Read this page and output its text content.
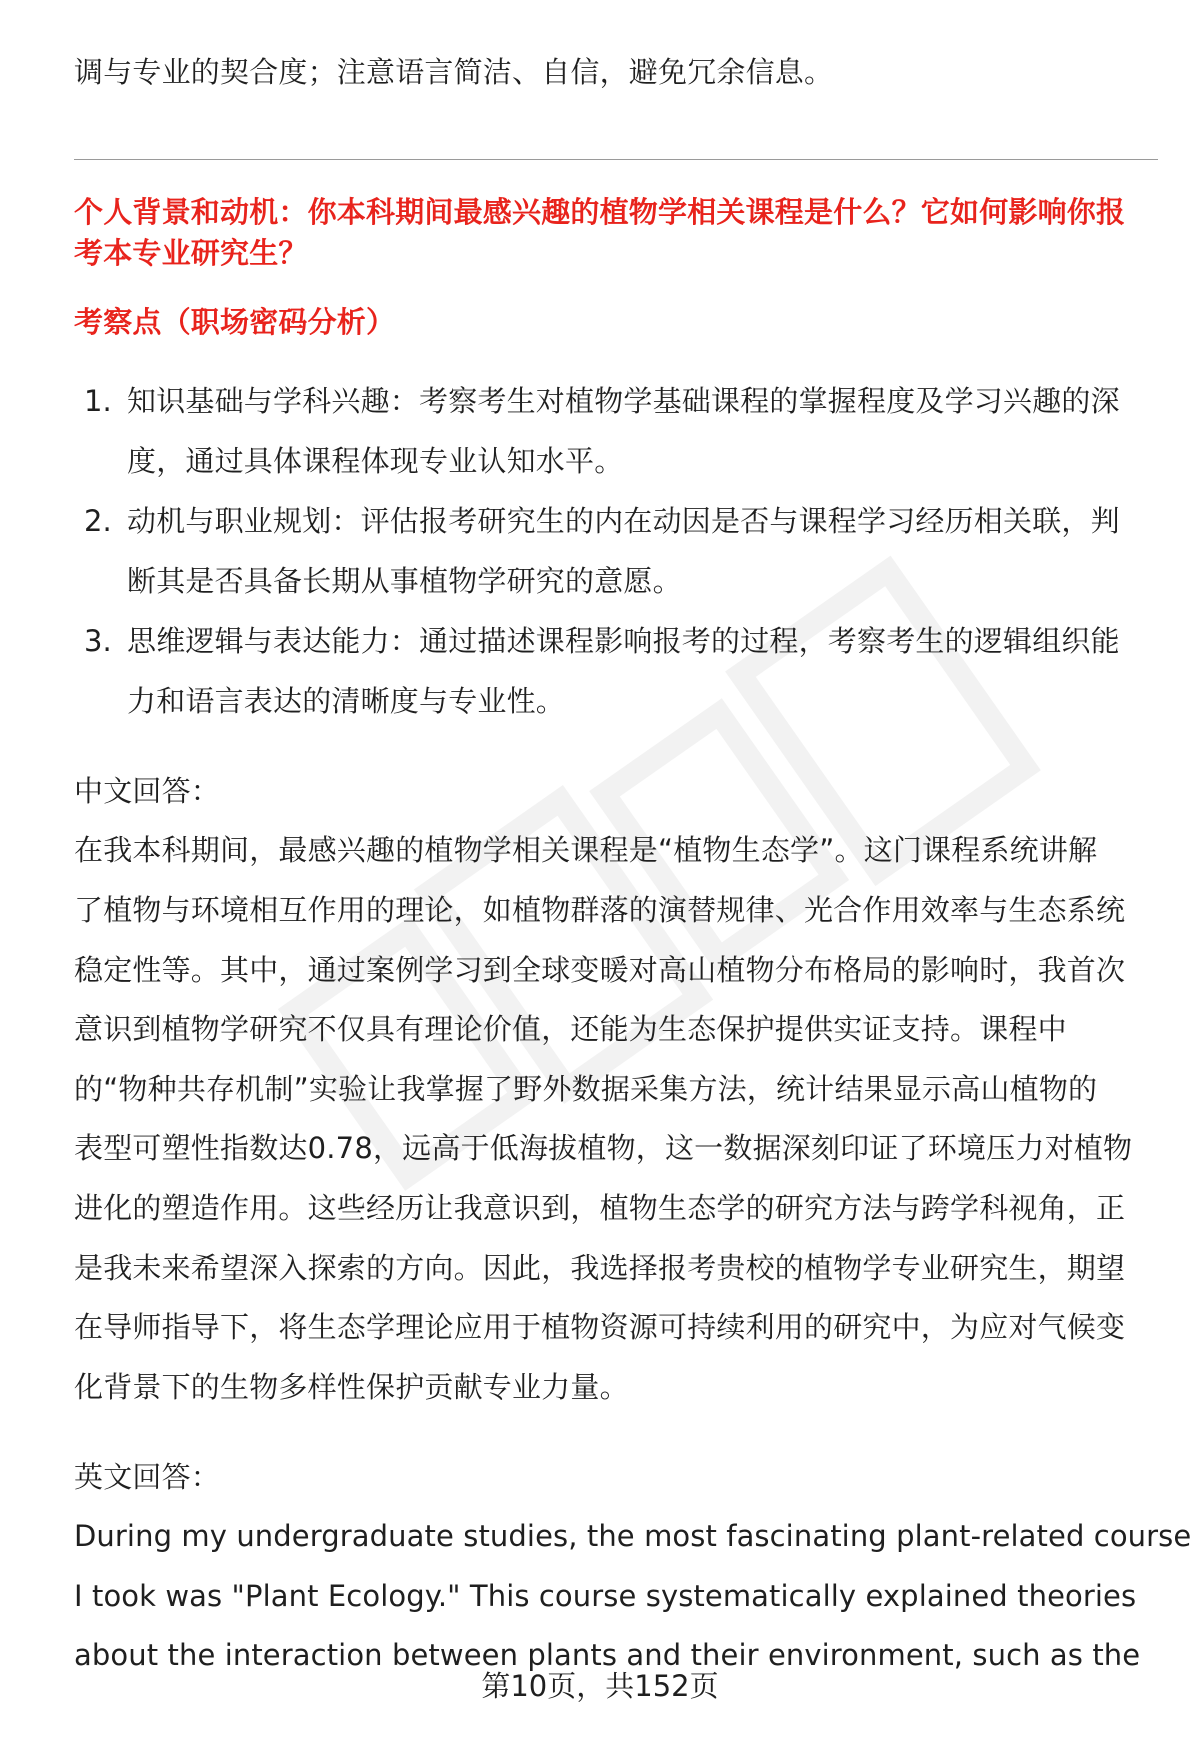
调与专业的契合度；注意语言简洁、自信，避免冗余信息。
个人背景和动机：你本科期间最感兴趣的植物学相关课程是什么？它如何影响你报
考本专业研究生？
考察点（职场密码分析）
1. 知识基础与学科兴趣：考察考生对植物学基础课程的掌握程度及学习兴趣的深
度，通过具体课程体现专业认知水平。
2. 动机与职业规划：评估报考研究生的内在动因是否与课程学习经历相关联，判
断其是否具备长期从事植物学研究的意愿。
3. 思维逻辑与表达能力：通过描述课程影响报考的过程，考察考生的逻辑组织能
力和语言表达的清晰度与专业性。
中文回答：
在我本科期间，最感兴趣的植物学相关课程是“植物生态学”。这门课程系统讲解
了植物与环境相互作用的理论，如植物群落的演替规律、光合作用效率与生态系统
稳定性等。其中，通过案例学习到全球变暖对高山植物分布格局的影响时，我首次
意识到植物学研究不仅具有理论价值，还能为生态保护提供实证支持。课程中
的“物种共存机制”实验让我掌握了野外数据采集方法，统计结果显示高山植物的
表型可塑性指数达0.78，远高于低海拔植物，这一数据深刻印证了环境压力对植物
进化的塑造作用。这些经历让我意识到，植物生态学的研究方法与跨学科视角，正
是我未来希望深入探索的方向。因此，我选择报考贵校的植物学专业研究生，期望
在导师指导下，将生态学理论应用于植物资源可持续利用的研究中，为应对气候变
化背景下的生物多样性保护贡献专业力量。
英文回答：
During my undergraduate studies, the most fascinating plant-related course
I took was "Plant Ecology." This course systematically explained theories
about the interaction between plants and their environment, such as the
第10页，共152页
